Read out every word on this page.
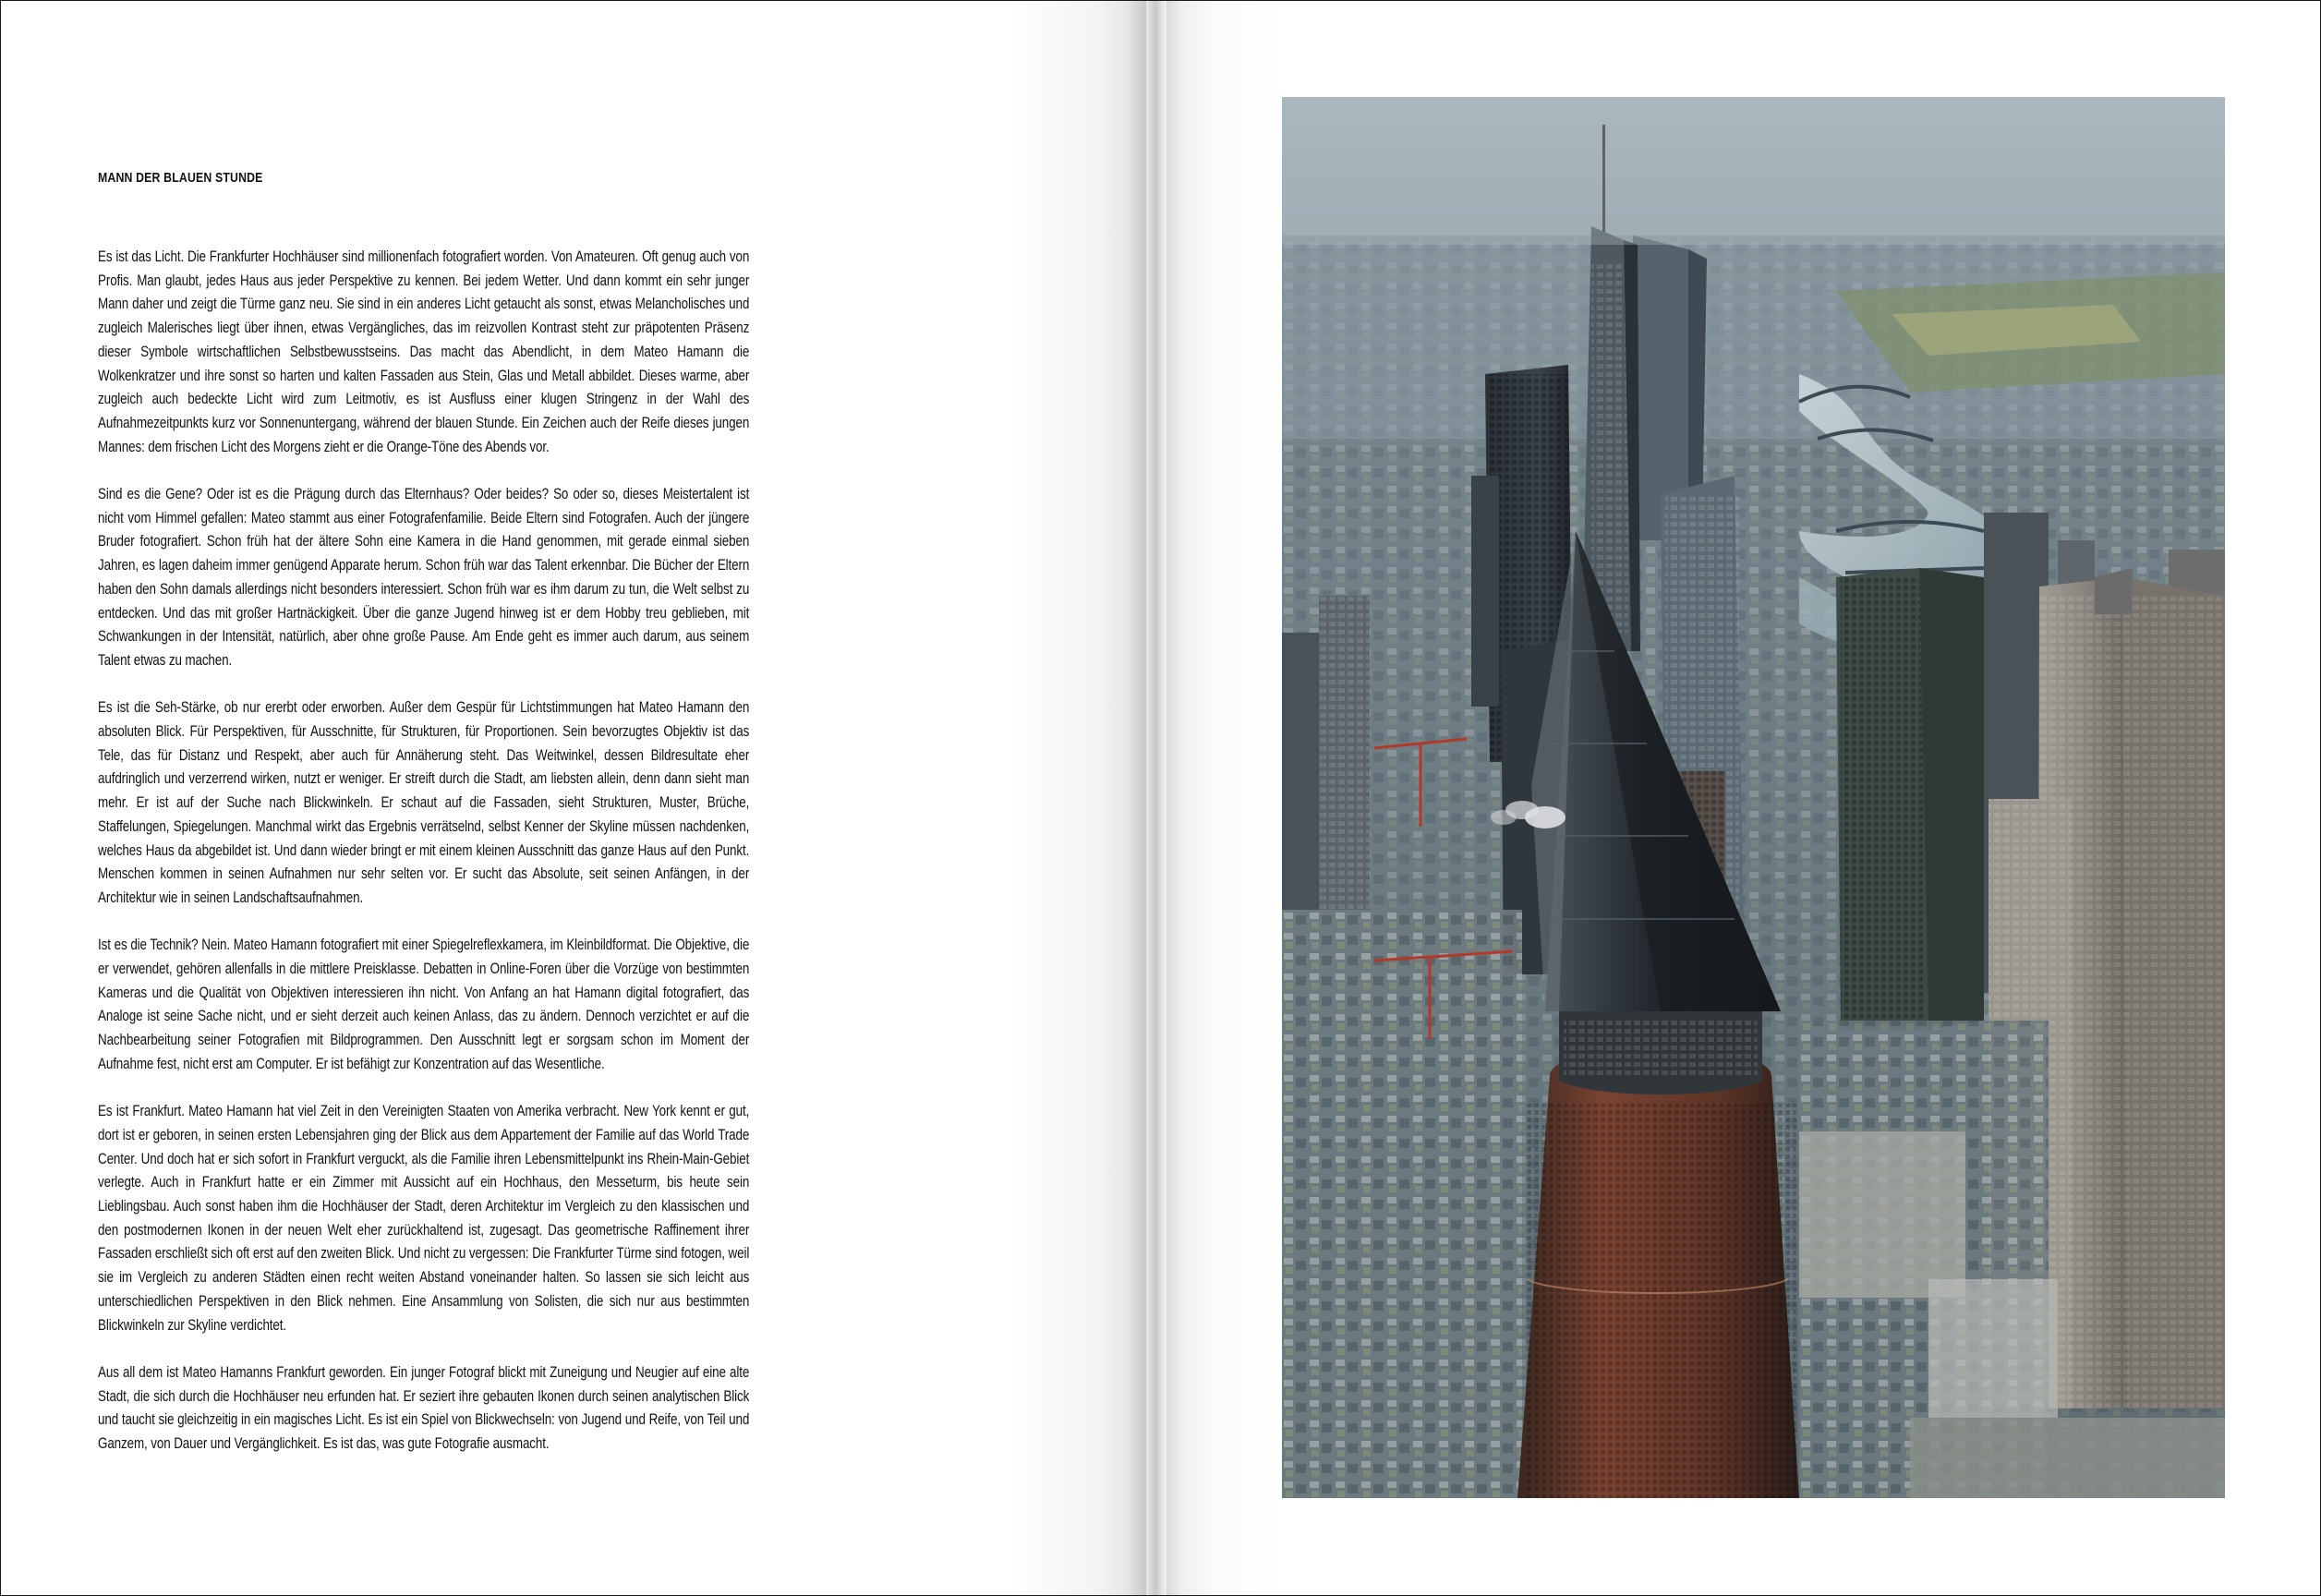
MANN DER BLAUEN STUNDE

Es ist das Licht. Die Frankfurter Hochhäuser sind millionenfach fotografiert worden. Von Amateuren. Oft genug auch von Profis. Man glaubt, jedes Haus aus jeder Perspektive zu kennen. Bei jedem Wetter. Und dann kommt ein sehr junger Mann daher und zeigt die Türme ganz neu. Sie sind in ein anderes Licht getaucht als sonst, etwas Melancholisches und zugleich Malerisches liegt über ihnen, etwas Vergängliches, das im reizvollen Kontrast steht zur präpotenten Präsenz dieser Symbole wirtschaftlichen Selbstbewusstseins. Das macht das Abendlicht, in dem Mateo Hamann die Wolkenkratzer und ihre sonst so harten und kalten Fassaden aus Stein, Glas und Metall abbildet. Dieses warme, aber zugleich auch bedeckte Licht wird zum Leitmotiv, es ist Ausfluss einer klugen Stringenz in der Wahl des Aufnahmezeitpunkts kurz vor Sonnenuntergang, während der blauen Stunde. Ein Zeichen auch der Reife dieses jungen Mannes: dem frischen Licht des Morgens zieht er die Orange-Töne des Abends vor.

Sind es die Gene? Oder ist es die Prägung durch das Elternhaus? Oder beides? So oder so, dieses Meistertalent ist nicht vom Himmel gefallen: Mateo stammt aus einer Fotografenfamilie. Beide Eltern sind Fotografen. Auch der jüngere Bruder fotografiert. Schon früh hat der ältere Sohn eine Kamera in die Hand genommen, mit gerade einmal sieben Jahren, es lagen daheim immer genügend Apparate herum. Schon früh war das Talent erkennbar. Die Bücher der Eltern haben den Sohn damals allerdings nicht besonders interessiert. Schon früh war es ihm darum zu tun, die Welt selbst zu entdecken. Und das mit großer Hartnäckigkeit. Über die ganze Jugend hinweg ist er dem Hobby treu geblieben, mit Schwankungen in der Intensität, natürlich, aber ohne große Pause. Am Ende geht es immer auch darum, aus seinem Talent etwas zu machen.

Es ist die Seh-Stärke, ob nur ererbt oder erworben. Außer dem Gespür für Lichtstimmungen hat Mateo Hamann den absoluten Blick. Für Perspektiven, für Ausschnitte, für Strukturen, für Proportionen. Sein bevorzugtes Objektiv ist das Tele, das für Distanz und Respekt, aber auch für Annäherung steht. Das Weitwinkel, dessen Bildresultate eher aufdringlich und verzerrend wirken, nutzt er weniger. Er streift durch die Stadt, am liebsten allein, denn dann sieht man mehr. Er ist auf der Suche nach Blickwinkeln. Er schaut auf die Fassaden, sieht Strukturen, Muster, Brüche, Staffelungen, Spiegelungen. Manchmal wirkt das Ergebnis verrätselnd, selbst Kenner der Skyline müssen nachdenken, welches Haus da abgebildet ist. Und dann wieder bringt er mit einem kleinen Ausschnitt das ganze Haus auf den Punkt. Menschen kommen in seinen Aufnahmen nur sehr selten vor. Er sucht das Absolute, seit seinen Anfängen, in der Architektur wie in seinen Landschaftsaufnahmen.

Ist es die Technik? Nein. Mateo Hamann fotografiert mit einer Spiegelreflexkamera, im Kleinbildformat. Die Objektive, die er verwendet, gehören allenfalls in die mittlere Preisklasse. Debatten in Online-Foren über die Vorzüge von bestimmten Kameras und die Qualität von Objektiven interessieren ihn nicht. Von Anfang an hat Hamann digital fotografiert, das Analoge ist seine Sache nicht, und er sieht derzeit auch keinen Anlass, das zu ändern. Dennoch verzichtet er auf die Nachbearbeitung seiner Fotografien mit Bildprogrammen. Den Ausschnitt legt er sorgsam schon im Moment der Aufnahme fest, nicht erst am Computer. Er ist befähigt zur Konzentration auf das Wesentliche.

Es ist Frankfurt. Mateo Hamann hat viel Zeit in den Vereinigten Staaten von Amerika verbracht. New York kennt er gut, dort ist er geboren, in seinen ersten Lebensjahren ging der Blick aus dem Appartement der Familie auf das World Trade Center. Und doch hat er sich sofort in Frankfurt verguckt, als die Familie ihren Lebensmittelpunkt ins Rhein-Main-Gebiet verlegte. Auch in Frankfurt hatte er ein Zimmer mit Aussicht auf ein Hochhaus, den Messeturm, bis heute sein Lieblingsbau. Auch sonst haben ihm die Hochhäuser der Stadt, deren Architektur im Vergleich zu den klassischen und den postmodernen Ikonen in der neuen Welt eher zurückhaltend ist, zugesagt. Das geometrische Raffinement ihrer Fassaden erschließt sich oft erst auf den zweiten Blick. Und nicht zu vergessen: Die Frankfurter Türme sind fotogen, weil sie im Vergleich zu anderen Städten einen recht weiten Abstand voneinander halten. So lassen sie sich leicht aus unterschiedlichen Perspektiven in den Blick nehmen. Eine Ansammlung von Solisten, die sich nur aus bestimmten Blickwinkeln zur Skyline verdichtet.

Aus all dem ist Mateo Hamanns Frankfurt geworden. Ein junger Fotograf blickt mit Zuneigung und Neugier auf eine alte Stadt, die sich durch die Hochhäuser neu erfunden hat. Er seziert ihre gebauten Ikonen durch seinen analytischen Blick und taucht sie gleichzeitig in ein magisches Licht. Es ist ein Spiel von Blickwechseln: von Jugend und Reife, von Teil und Ganzem, von Dauer und Vergänglichkeit. Es ist das, was gute Fotografie ausmacht.
